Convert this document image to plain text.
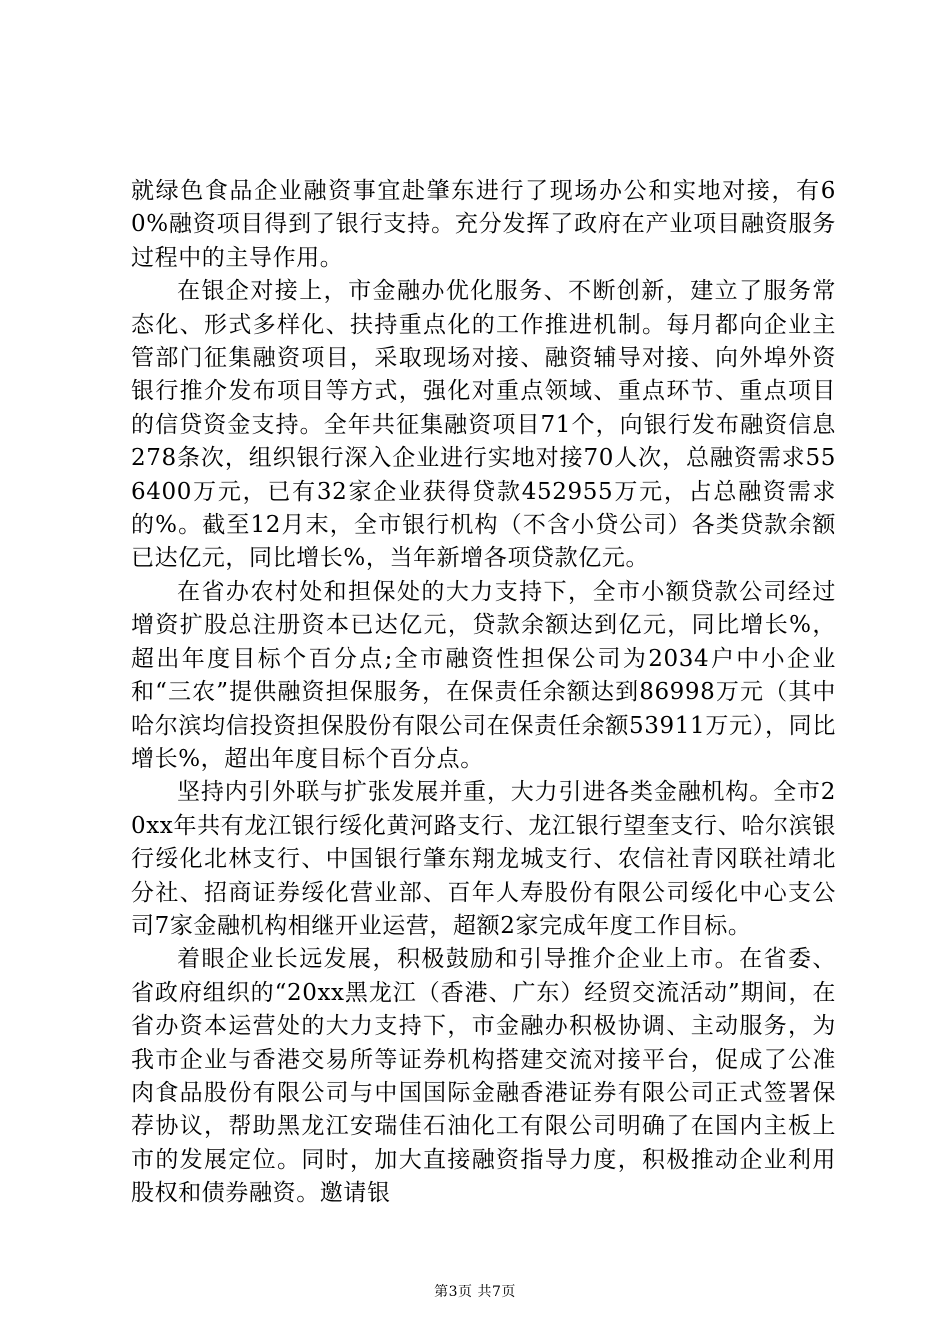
就绿色食品企业融资事宜赴肇东进行了现场办公和实地对接，有60%融资项目得到了银行支持。充分发挥了政府在产业项目融资服务过程中的主导作用。

在银企对接上，市金融办优化服务、不断创新，建立了服务常态化、形式多样化、扶持重点化的工作推进机制。每月都向企业主管部门征集融资项目，采取现场对接、融资辅导对接、向外埠外资银行推介发布项目等方式，强化对重点领域、重点环节、重点项目的信贷资金支持。全年共征集融资项目71个，向银行发布融资信息278条次，组织银行深入企业进行实地对接70人次，总融资需求556400万元，已有32家企业获得贷款452955万元，占总融资需求的%。截至12月末，全市银行机构（不含小贷公司）各类贷款余额已达亿元，同比增长%，当年新增各项贷款亿元。

在省办农村处和担保处的大力支持下，全市小额贷款公司经过增资扩股总注册资本已达亿元，贷款余额达到亿元，同比增长%，超出年度目标个百分点;全市融资性担保公司为2034户中小企业和“三农”提供融资担保服务，在保责任余额达到86998万元（其中哈尔滨均信投资担保股份有限公司在保责任余额53911万元），同比增长%，超出年度目标个百分点。

坚持内引外联与扩张发展并重，大力引进各类金融机构。全市20xx年共有龙江银行绥化黄河路支行、龙江银行望奎支行、哈尔滨银行绥化北林支行、中国银行肇东翔龙城支行、农信社青冈联社靖北分社、招商证券绥化营业部、百年人寿股份有限公司绥化中心支公司7家金融机构相继开业运营，超额2家完成年度工作目标。

着眼企业长远发展，积极鼓励和引导推介企业上市。在省委、省政府组织的“20xx黑龙江（香港、广东）经贸交流活动”期间，在省办资本运营处的大力支持下，市金融办积极协调、主动服务，为我市企业与香港交易所等证券机构搭建交流对接平台，促成了公准肉食品股份有限公司与中国国际金融香港证券有限公司正式签署保荐协议，帮助黑龙江安瑞佳石油化工有限公司明确了在国内主板上市的发展定位。同时，加大直接融资指导力度，积极推动企业利用股权和债券融资。邀请银

第3页 共7页
